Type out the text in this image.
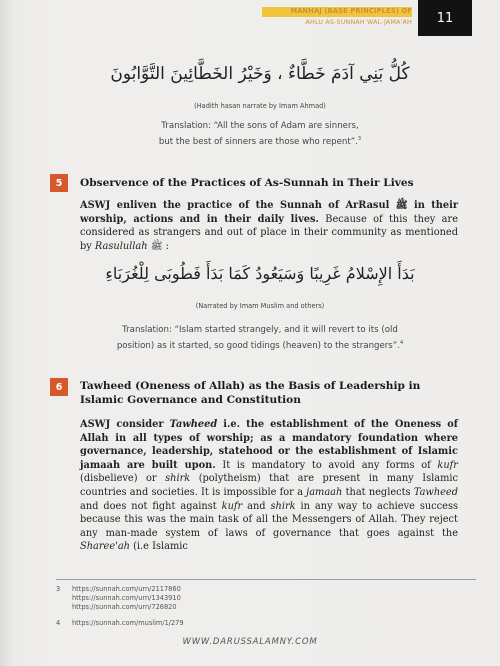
MANHAJ (BASE PRINCIPLES) OF
AHLU AS-SUNNAH WAL-JAMA'AH	11
كُلُّ بَنِي آدَمَ خَطَّاءٌ ، وَخَيْرُ الخَطَّائِينَ التَّوَّابُونَ
(Hadith hasan narrate by Imam Ahmad)
Translation: “All the sons of Adam are sinners,
but the best of sinners are those who repent”.$^3$
5	Observence of the Practices of As-Sunnah in Their Lives
ASWJ enliven the practice of the Sunnah of ArRasul ﷺ in their worship, actions and in their daily lives. Because of this they are considered as strangers and out of place in their community as mentioned by Rasulullah ﷺ :
بَدَأَ الإِسْلامُ غَرِيبًا وَسَيَعُودُ كَمَا بَدَأَ فَطُوبَى لِلْغُرَبَاءِ
(Narrated by Imam Muslim and others)
Translation: “Islam started strangely, and it will revert to its (old
position) as it started, so good tidings (heaven) to the strangers”.$^4$
6	Tawheed (Oneness of Allah) as the Basis of Leadership in
Islamic Governance and Constitution
ASWJ consider Tawheed i.e. the establishment of the Oneness of Allah in all types of worship; as a mandatory foundation where governance, leadership, statehood or the establishment of Islamic jamaah are built upon. It is mandatory to avoid any forms of kufr (disbelieve) or shirk (polytheism) that are present in many Islamic countries and societies. It is impossible for a jamaah that neglects Tawheed and does not fight against kufr and shirk in any way to achieve success because this was the main task of all the Messengers of Allah. They reject any man-made system of laws of governance that goes against the Sharee'ah (i.e Islamic
3	https://sunnah.com/urn/2117860
https://sunnah.com/urn/1343910
https://sunnah.com/urn/726820
4	https://sunnah.com/muslim/1/279
WWW.DARUSSALAMNY.COM
